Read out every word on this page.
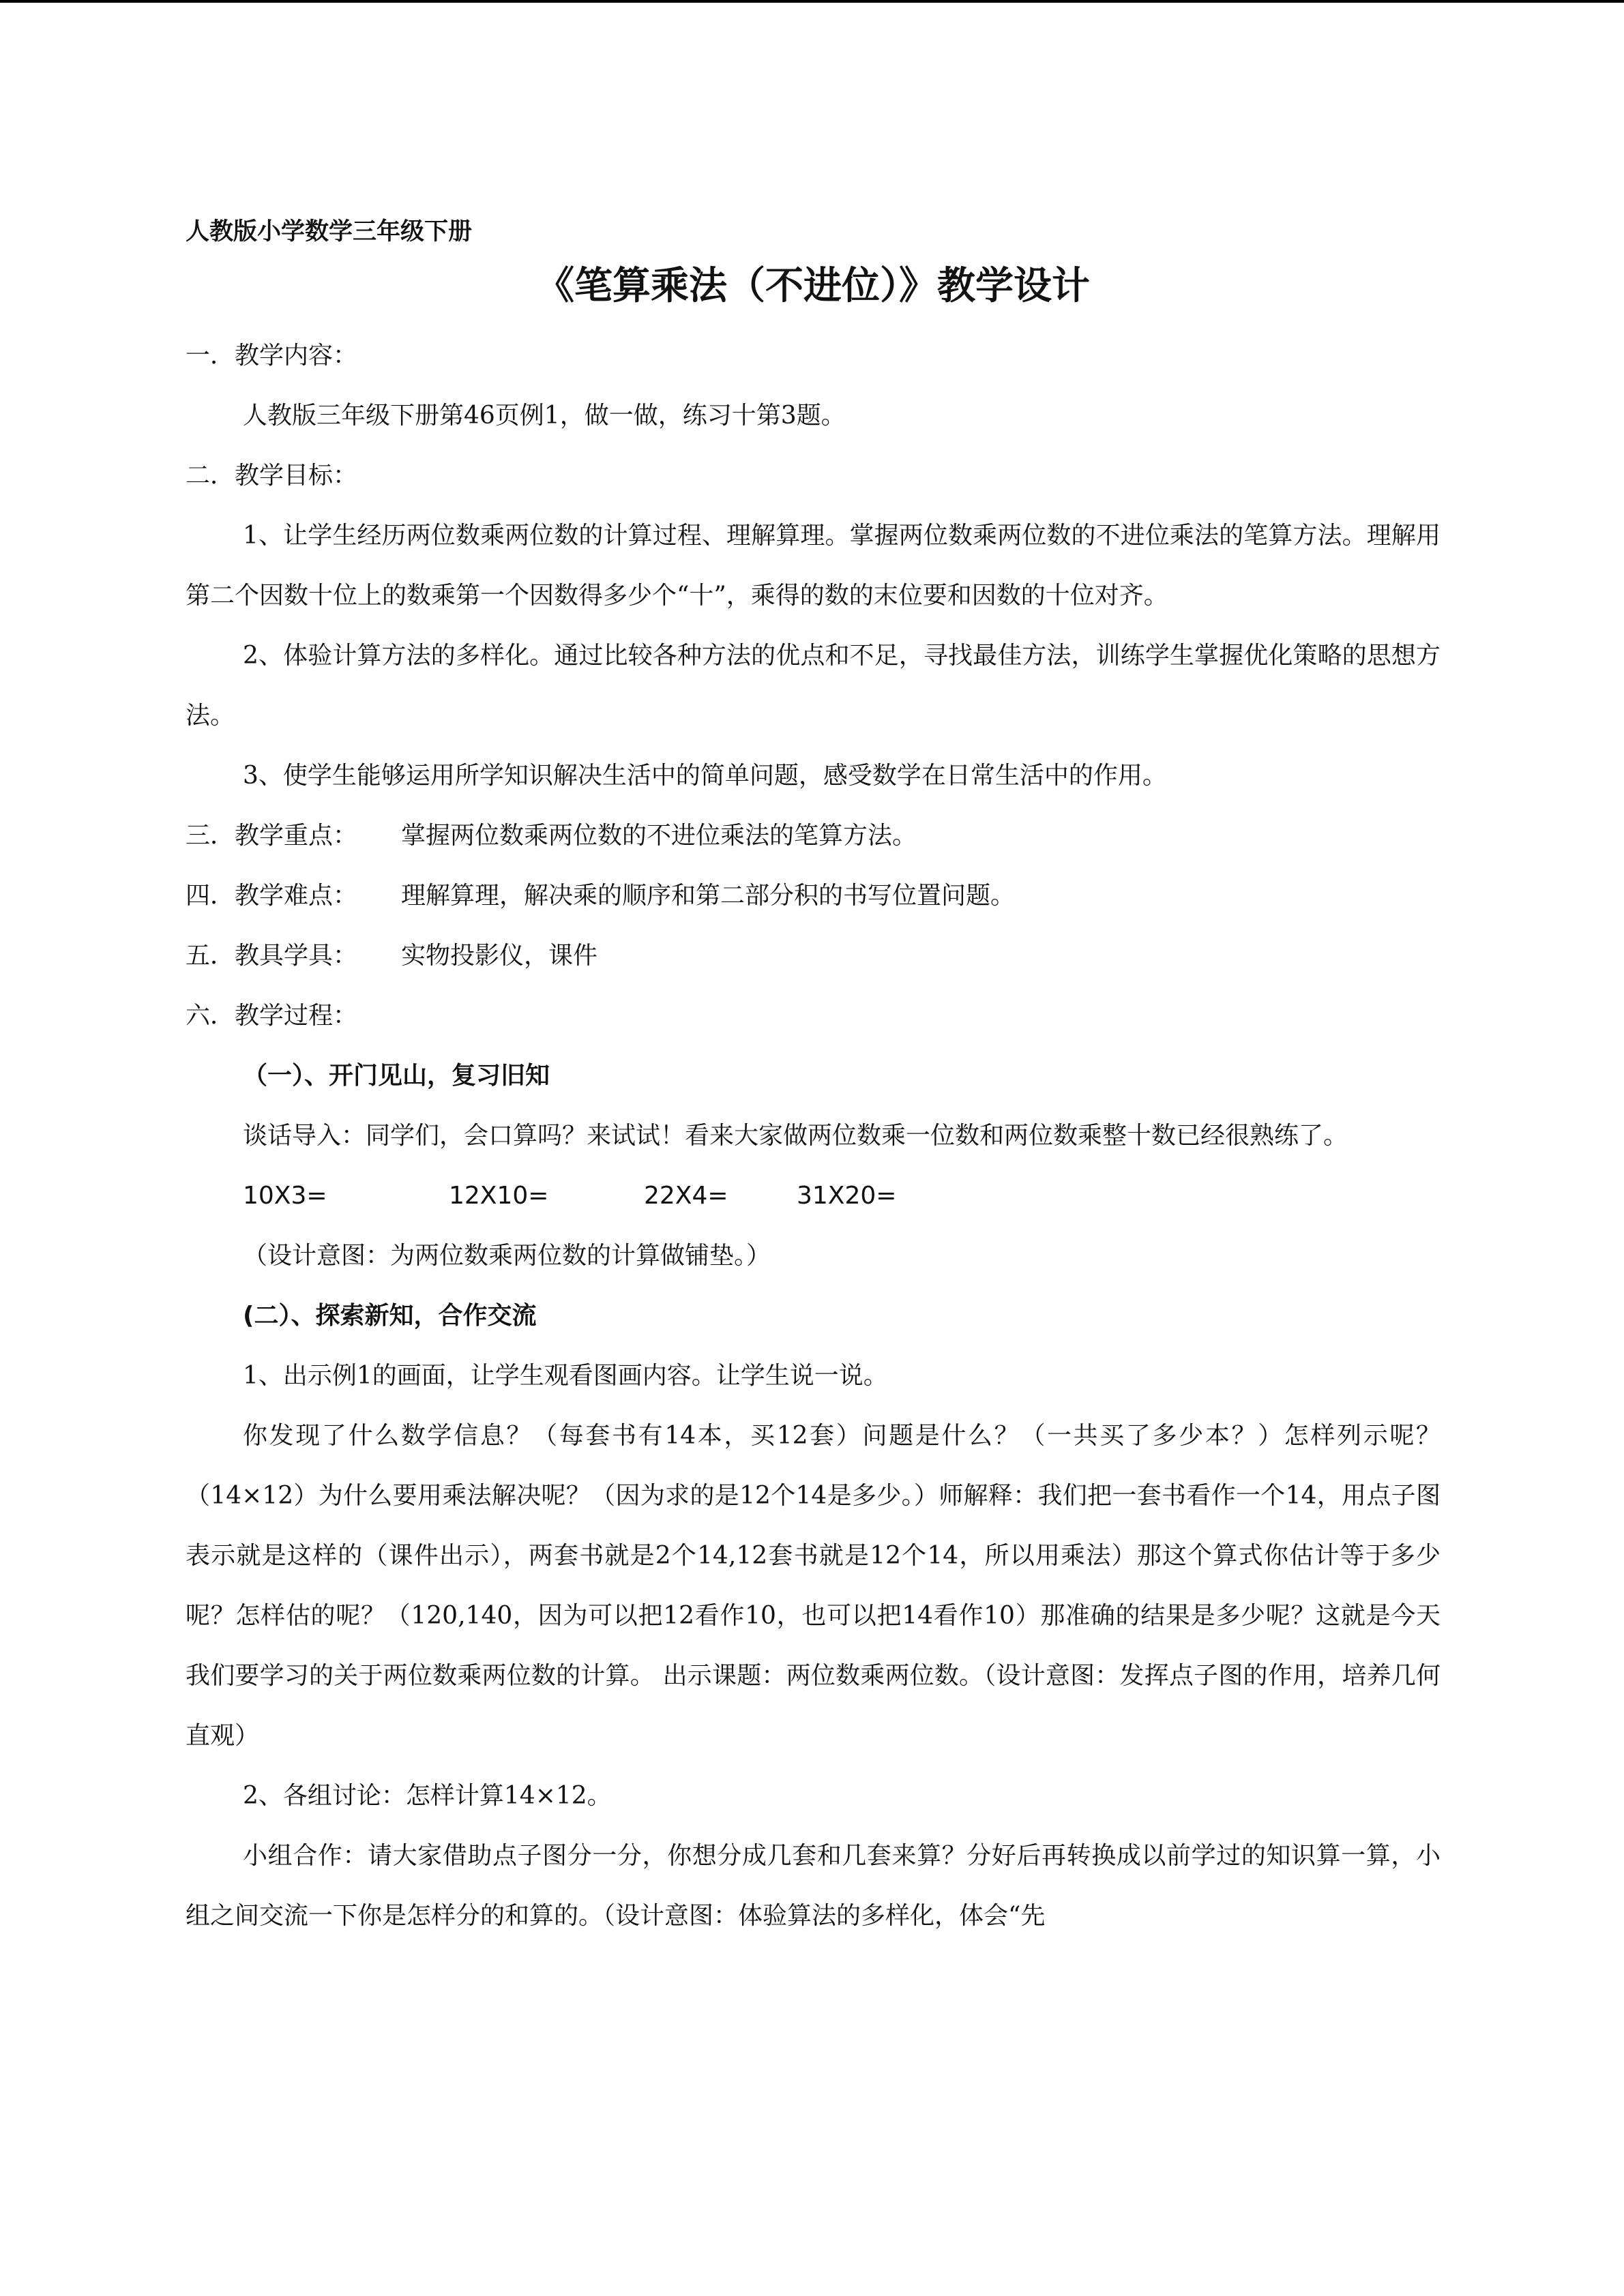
人教版小学数学三年级下册

《笔算乘法（不进位）》教学设计

一．教学内容：

人教版三年级下册第46页例1，做一做，练习十第3题。

二．教学目标：

1、让学生经历两位数乘两位数的计算过程、理解算理。掌握两位数乘两位数的不进位乘法的笔算方法。理解用第二个因数十位上的数乘第一个因数得多少个“十”，乘得的数的末位要和因数的十位对齐。

2、体验计算方法的多样化。通过比较各种方法的优点和不足，寻找最佳方法，训练学生掌握优化策略的思想方法。

3、使学生能够运用所学知识解决生活中的简单问题，感受数学在日常生活中的作用。

三．教学重点： 掌握两位数乘两位数的不进位乘法的笔算方法。

四．教学难点： 理解算理，解决乘的顺序和第二部分积的书写位置问题。

五．教具学具： 实物投影仪，课件

六．教学过程：

（一）、开门见山，复习旧知

谈话导入：同学们，会口算吗？来试试！看来大家做两位数乘一位数和两位数乘整十数已经很熟练了。

10X3=	12X10=	22X4=	31X20=

（设计意图：为两位数乘两位数的计算做铺垫。）

(二）、探索新知，合作交流

1、出示例1的画面，让学生观看图画内容。让学生说一说。

你发现了什么数学信息？（每套书有14本，买12套）问题是什么？（一共买了多少本？）怎样列示呢？（14×12）为什么要用乘法解决呢？（因为求的是12个14是多少。）师解释：我们把一套书看作一个14，用点子图表示就是这样的（课件出示），两套书就是2个14,12套书就是12个14，所以用乘法）那这个算式你估计等于多少呢？怎样估的呢？（120,140，因为可以把12看作10，也可以把14看作10）那准确的结果是多少呢？这就是今天我们要学习的关于两位数乘两位数的计算。 出示课题：两位数乘两位数。（设计意图：发挥点子图的作用，培养几何直观）

2、各组讨论：怎样计算14×12。

小组合作：请大家借助点子图分一分，你想分成几套和几套来算？分好后再转换成以前学过的知识算一算，小组之间交流一下你是怎样分的和算的。（设计意图：体验算法的多样化，体会“先
